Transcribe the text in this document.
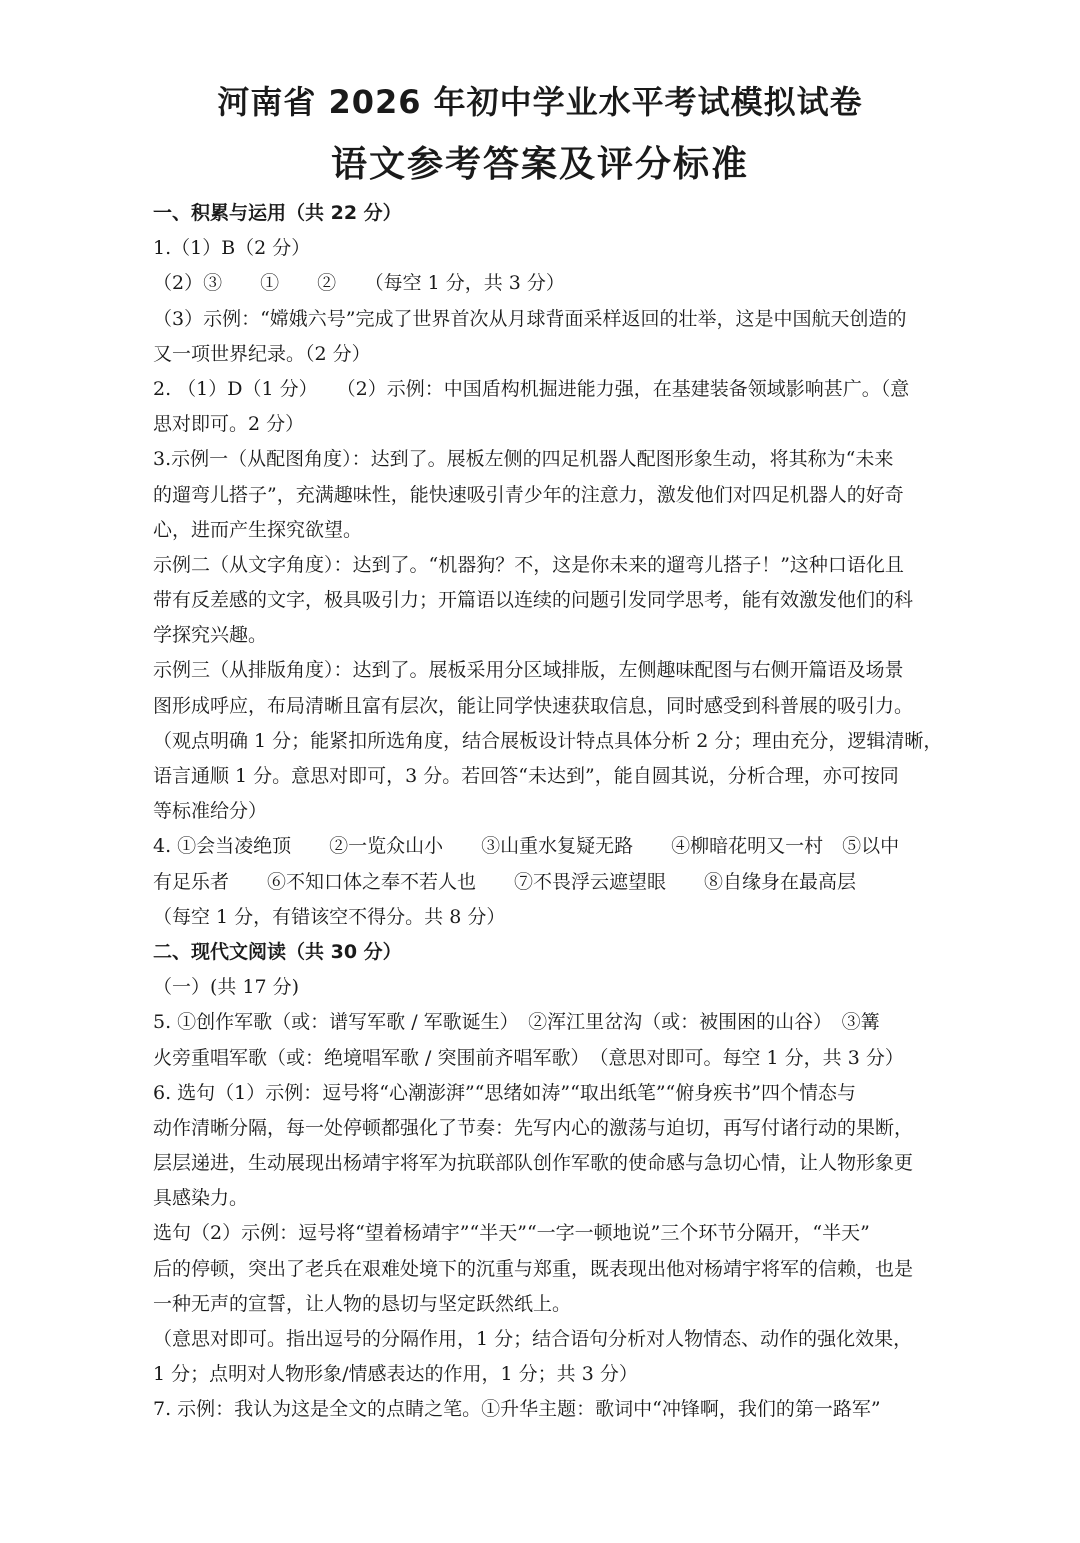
河南省 2026 年初中学业水平考试模拟试卷
语文参考答案及评分标准
一、积累与运用（共 22 分）
1.（1）B（2 分）
（2）③　　①　　②　　（每空 1 分，共 3 分）
（3）示例：“嫦娥六号”完成了世界首次从月球背面采样返回的壮举，这是中国航天创造的
又一项世界纪录。（2 分）
2. （1）D（1 分）　　（2）示例：中国盾构机掘进能力强，在基建装备领域影响甚广。（意
思对即可。2 分）
3.示例一（从配图角度）：达到了。展板左侧的四足机器人配图形象生动，将其称为“未来
的遛弯儿搭子”，充满趣味性，能快速吸引青少年的注意力，激发他们对四足机器人的好奇
心，进而产生探究欲望。
示例二（从文字角度）：达到了。“机器狗？不，这是你未来的遛弯儿搭子！”这种口语化且
带有反差感的文字，极具吸引力；开篇语以连续的问题引发同学思考，能有效激发他们的科
学探究兴趣。
示例三（从排版角度）：达到了。展板采用分区域排版，左侧趣味配图与右侧开篇语及场景
图形成呼应，布局清晰且富有层次，能让同学快速获取信息，同时感受到科普展的吸引力。
（观点明确 1 分；能紧扣所选角度，结合展板设计特点具体分析 2 分；理由充分，逻辑清晰，
语言通顺 1 分。意思对即可，3 分。若回答“未达到”，能自圆其说，分析合理，亦可按同
等标准给分）
4. ①会当凌绝顶　　②一览众山小　　③山重水复疑无路　　④柳暗花明又一村　⑤以中
有足乐者　　⑥不知口体之奉不若人也　　⑦不畏浮云遮望眼　　⑧自缘身在最高层
（每空 1 分，有错该空不得分。共 8 分）
二、现代文阅读（共 30 分）
（一）(共 17 分)
5. ①创作军歌（或：谱写军歌 / 军歌诞生）　②浑江里岔沟（或：被围困的山谷）　③篝
火旁重唱军歌（或：绝境唱军歌 / 突围前齐唱军歌）　（意思对即可。每空 1 分，共 3 分）
6. 选句（1）示例：逗号将“心潮澎湃”“思绪如涛”“取出纸笔”“俯身疾书”四个情态与
动作清晰分隔，每一处停顿都强化了节奏：先写内心的激荡与迫切，再写付诸行动的果断，
层层递进，生动展现出杨靖宇将军为抗联部队创作军歌的使命感与急切心情，让人物形象更
具感染力。
选句（2）示例：逗号将“望着杨靖宇”“半天”“一字一顿地说”三个环节分隔开，“半天”
后的停顿，突出了老兵在艰难处境下的沉重与郑重，既表现出他对杨靖宇将军的信赖，也是
一种无声的宣誓，让人物的恳切与坚定跃然纸上。
（意思对即可。指出逗号的分隔作用，1 分；结合语句分析对人物情态、动作的强化效果，
1 分；点明对人物形象/情感表达的作用，1 分；共 3 分）
7. 示例：我认为这是全文的点睛之笔。①升华主题：歌词中“冲锋啊，我们的第一路军”
